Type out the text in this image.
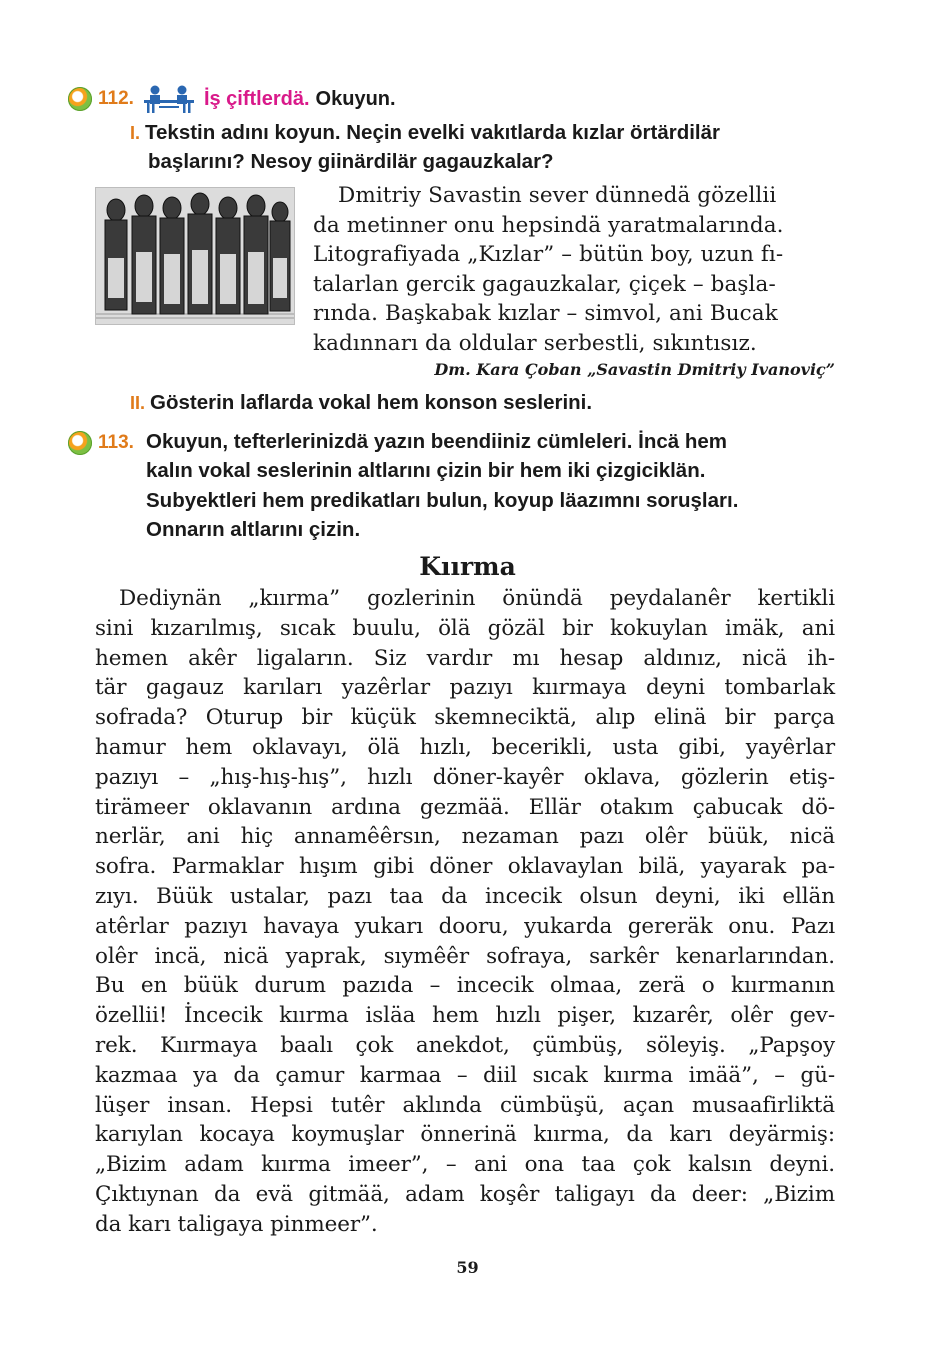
112.	İş çiftlerdä. Okuyun.
I. Tekstin adını koyun. Neçin evelki vakıtlarda kızlar örtärdilär
başlarını? Nesoy giinärdilär gagauzkalar?
Dmitriy Savastin sever dünnedä gözellii
da metinner onu hepsindä yaratmalarında.
Litografiyada „Kızlar” – bütün boy, uzun fı-
talarlan gercik gagauzkalar, çiçek – başla-
rında. Başkabak kızlar – simvol, ani Bucak
kadınnarı da oldular serbestli, sıkıntısız.
Dm. Kara Çoban „Savastin Dmitriy Ivanoviç”
II. Gösterin laflarda vokal hem konson seslerini.
113. Okuyun, tefterlerinizdä yazın beendiiniz cümleleri. İncä hem
kalın vokal seslerinin altlarını çizin bir hem iki çizgiciklän.
Subyektleri hem predikatları bulun, koyup läazımnı soruşları.
Onnarın altlarını çizin.
Kıırma
Dediynän „kıırma” gozlerinin önündä peydalanêr kertikli
sini kızarılmış, sıcak buulu, ölä gözäl bir kokuylan imäk, ani
hemen akêr ligaların. Siz vardır mı hesap aldınız, nicä ih-
tär gagauz karıları yazêrlar pazıyı kıırmaya deyni tombarlak
sofrada? Oturup bir küçük skemneciktä, alıp elinä bir parça
hamur hem oklavayı, ölä hızlı, becerikli, usta gibi, yayêrlar
pazıyı – „hış-hış-hış”, hızlı döner-kayêr oklava, gözlerin etiş-
tirämeer oklavanın ardına gezmää. Ellär otakım çabucak dö-
nerlär, ani hiç annamêêrsın, nezaman pazı olêr büük, nicä
sofra. Parmaklar hışım gibi döner oklavaylan bilä, yayarak pa-
zıyı. Büük ustalar, pazı taa da incecik olsun deyni, iki ellän
atêrlar pazıyı havaya yukarı dooru, yukarda gereräk onu. Pazı
olêr incä, nicä yaprak, sıymêêr sofraya, sarkêr kenarlarından.
Bu en büük durum pazıda – incecik olmaa, zerä o kıırmanın
özellii! İncecik kıırma isläа hem hızlı pişer, kızarêr, olêr gev-
rek. Kıırmaya baalı çok anekdot, çümbüş, söleyiş. „Papşoy
kazmaa ya da çamur karmaa – diil sıcak kıırma imää”, – gü-
lüşer insan. Hepsi tutêr aklında cümbüşü, açan musaafirliktä
karıylan kocaya koymuşlar önnerinä kıırma, da karı deyärmiş:
„Bizim adam kıırma imeer”, – ani ona taa çok kalsın deyni.
Çıktıynan da evä gitmää, adam koşêr taligayı da deer: „Bizim
da karı taligaya pinmeer”.
59
